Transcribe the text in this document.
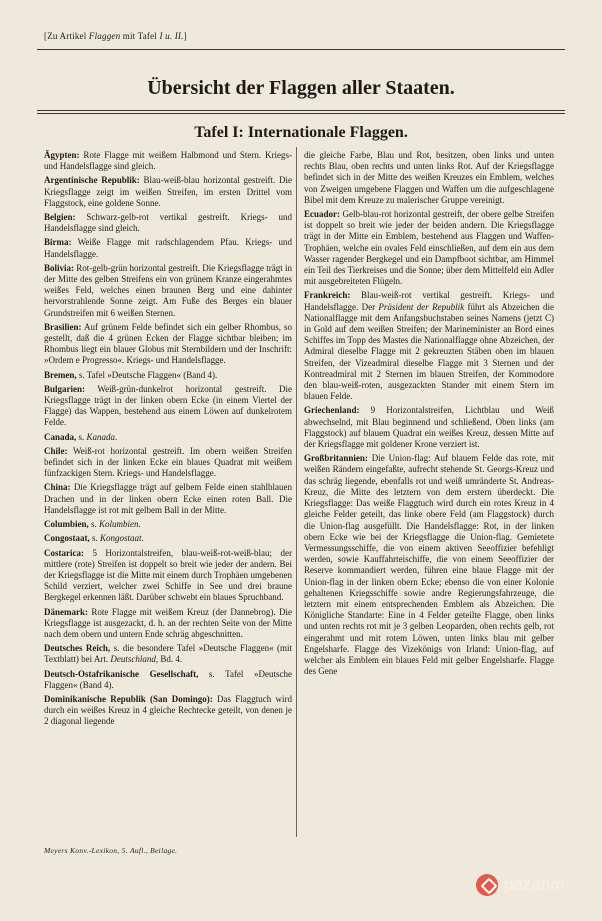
[Zu Artikel Flaggen mit Tafel I u. II.]
Übersicht der Flaggen aller Staaten.
Tafel I: Internationale Flaggen.

Ägypten: Rote Flagge mit weißem Halbmond und Stern. Kriegs- und Handelsflagge sind gleich.

Argentinische Republik: Blau-weiß-blau horizontal gestreift. Die Kriegsflagge zeigt im weißen Streifen, im ersten Drittel vom Flaggstock, eine goldene Sonne.

Belgien: Schwarz-gelb-rot vertikal gestreift. Kriegs- und Handelsflagge sind gleich.

Birma: Weiße Flagge mit radschlagendem Pfau. Kriegs- und Handelsflagge.

Bolivia: Rot-gelb-grün horizontal gestreift. Die Kriegsflagge trägt in der Mitte des gelben Streifens ein von grünem Kranze eingerahmtes weißes Feld, welches einen braunen Berg und eine dahinter hervorstrahlende Sonne zeigt. Am Fuße des Berges ein blauer Grundstreifen mit 6 weißen Sternen.

Brasilien: Auf grünem Felde befindet sich ein gelber Rhombus, so gestellt, daß die 4 grünen Ecken der Flagge sichtbar bleiben; im Rhombus liegt ein blauer Globus mit Sternbildern und der Inschrift: »Ordem e Progresso«. Kriegs- und Handelsflagge.

Bremen, s. Tafel »Deutsche Flaggen« (Band 4).

Bulgarien: Weiß-grün-dunkelrot horizontal gestreift. Die Kriegsflagge trägt in der linken obern Ecke (in einem Viertel der Flagge) das Wappen, bestehend aus einem Löwen auf dunkelrotem Felde.

Canada, s. Kanada.

Chile: Weiß-rot horizontal gestreift. Im obern weißen Streifen befindet sich in der linken Ecke ein blaues Quadrat mit weißem fünfzackigen Stern. Kriegs- und Handelsflagge.

China: Die Kriegsflagge trägt auf gelbem Felde einen stahlblauen Drachen und in der linken obern Ecke einen roten Ball. Die Handelsflagge ist rot mit gelbem Ball in der Mitte.

Columbien, s. Kolumbien.

Congostaat, s. Kongostaat.

Costarica: 5 Horizontalstreifen, blau-weiß-rot-weiß-blau; der mittlere (rote) Streifen ist doppelt so breit wie jeder der andern. Bei der Kriegsflagge ist die Mitte mit einem durch Trophäen umgebenen Schild verziert, welcher zwei Schiffe in See und drei braune Bergkegel erkennen läßt. Darüber schwebt ein blaues Spruchband.

Dänemark: Rote Flagge mit weißem Kreuz (der Dannebrog). Die Kriegsflagge ist ausgezackt, d. h. an der rechten Seite von der Mitte nach dem obern und untern Ende schräg abgeschnitten.

Deutsches Reich, s. die besondere Tafel »Deutsche Flaggen« (mit Textblatt) bei Art. Deutschland, Bd. 4.

Deutsch-Ostafrikanische Gesellschaft, s. Tafel »Deutsche Flaggen« (Band 4).

Dominikanische Republik (San Domingo): Das Flaggtuch wird durch ein weißes Kreuz in 4 gleiche Rechtecke geteilt, von denen je 2 diagonal liegende

die gleiche Farbe, Blau und Rot, besitzen, oben links und unten rechts Blau, oben rechts und unten links Rot. Auf der Kriegsflagge befindet sich in der Mitte des weißen Kreuzes ein Emblem, welches von Zweigen umgebene Flaggen und Waffen um die aufgeschlagene Bibel mit dem Kreuze zu malerischer Gruppe vereinigt.

Ecuador: Gelb-blau-rot horizontal gestreift, der obere gelbe Streifen ist doppelt so breit wie jeder der beiden andern. Die Kriegsflagge trägt in der Mitte ein Emblem, bestehend aus Flaggen und Waffen-Trophäen, welche ein ovales Feld einschließen, auf dem ein aus dem Wasser ragender Bergkegel und ein Dampfboot sichtbar, am Himmel ein Teil des Tierkreises und die Sonne; über dem Mittelfeld ein Adler mit ausgebreiteten Flügeln.

Frankreich: Blau-weiß-rot vertikal gestreift. Kriegs- und Handelsflagge. Der Präsident der Republik führt als Abzeichen die Nationalflagge mit dem Anfangsbuchstaben seines Namens (jetzt C) in Gold auf dem weißen Streifen; der Marineminister an Bord eines Schiffes im Topp des Mastes die Nationalflagge ohne Abzeichen, der Admiral dieselbe Flagge mit 2 gekreuzten Stäben oben im blauen Streifen, der Vizeadmiral dieselbe Flagge mit 3 Sternen und der Kontreadmiral mit 2 Sternen im blauen Streifen, der Kommodore den blau-weiß-roten, ausgezackten Stander mit einem Stern im blauen Felde.

Griechenland: 9 Horizontalstreifen, Lichtblau und Weiß abwechselnd, mit Blau beginnend und schließend. Oben links (am Flaggstock) auf blauem Quadrat ein weißes Kreuz, dessen Mitte auf der Kriegsflagge mit goldener Krone verziert ist.

Großbritannien: Die Union-flag: Auf blauem Felde das rote, mit weißen Rändern eingefaßte, aufrecht stehende St. Georgs-Kreuz und das schräg liegende, ebenfalls rot und weiß umränderte St. Andreas-Kreuz, die Mitte des letztern von dem erstern überdeckt. Die Kriegsflagge: Das weiße Flaggtuch wird durch ein rotes Kreuz in 4 gleiche Felder geteilt, das linke obere Feld (am Flaggstock) durch die Union-flag ausgefüllt. Die Handelsflagge: Rot, in der linken obern Ecke wie bei der Kriegsflagge die Union-flag. Gemietete Vermessungsschiffe, die von einem aktiven Seeoffizier befehligt werden, sowie Kauffahrteischiffe, die von einem Seeoffizier der Reserve kommandiert werden, führen eine blaue Flagge mit der Union-flag in der linken obern Ecke; ebenso die von einer Kolonie gehaltenen Kriegsschiffe sowie andre Regierungsfahrzeuge, die letztern mit einem entsprechenden Emblem als Abzeichen. Die Königliche Standarte: Eine in 4 Felder geteilte Flagge, oben links und unten rechts rot mit je 3 gelben Leoparden, oben rechts gelb, rot eingerahmt und mit rotem Löwen, unten links blau mit gelber Engelsharfe. Flagge des Vizekönigs von Irland: Union-flag, auf welcher als Emblem ein blaues Feld mit gelber Engelsharfe. Flagge des Gene

Meyers Konv.-Lexikon, 5. Aufl., Beilage.
pazarim
